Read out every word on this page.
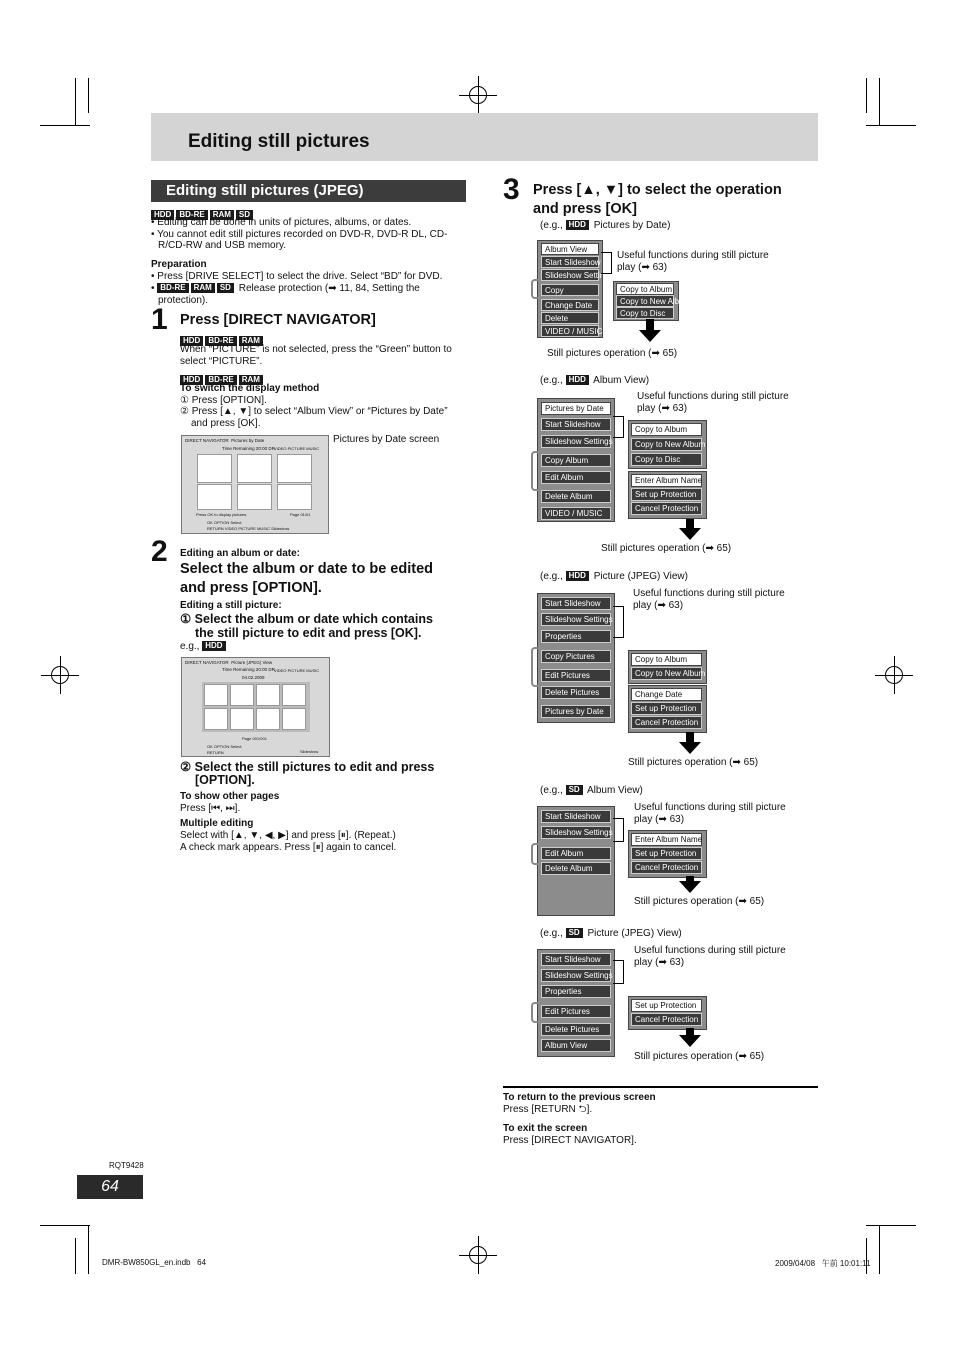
Editing still pictures
Editing still pictures (JPEG)
HDD BD-RE RAM SD
• Editing can be done in units of pictures, albums, or dates.
• You cannot edit still pictures recorded on DVD-R, DVD-R DL, CD-
R/CD-RW and USB memory.
Preparation
• Press [DRIVE SELECT] to select the drive. Select “BD” for DVD.
• BD-RE RAM SD Release protection (➡ 11, 84, Setting the
protection).
1 Press [DIRECT NAVIGATOR]
HDD BD-RE RAM
When “PICTURE” is not selected, press the “Green” button to
select “PICTURE”.
HDD BD-RE RAM
To switch the display method
① Press [OPTION].
② Press [▲, ▼] to select “Album View” or “Pictures by Date”
and press [OK].
DIRECT NAVIGATOR Pictures by Date
Time Remaining 20:00 DR VIDEO PICTURE MUSIC
Press OK to display pictures.	Page 01/01
OK OPTION Select
RETURN VIDEO PICTURE MUSIC Slideshow
Pictures by Date screen
2 Editing an album or date:
Select the album or date to be edited
and press [OPTION].
Editing a still picture:
① Select the album or date which contains
the still picture to edit and press [OK].
e.g., HDD
DIRECT NAVIGATOR Picture (JPEG) View
Time Remaining 20:00 DR VIDEO PICTURE MUSIC
04.02.2009
Page 001/001
OK OPTION Select
RETURN	Slideshow
② Select the still pictures to edit and press
[OPTION].
To show other pages
Press [⏮, ⏭].
Multiple editing
Select with [▲, ▼, ◀, ▶] and press [⏸]. (Repeat.)
A check mark appears. Press [⏸] again to cancel.
3 Press [▲, ▼] to select the operation
and press [OK]
(e.g., HDD Pictures by Date)
Album View
Start Slideshow
Slideshow Settings
Copy
Change Date
Delete
VIDEO / MUSIC
Useful functions during still picture
play (➡ 63)
Copy to Album
Copy to New Album
Copy to Disc
Still pictures operation (➡ 65)
(e.g., HDD Album View)
Pictures by Date
Start Slideshow
Slideshow Settings
Copy Album
Edit Album
Delete Album
VIDEO / MUSIC
Useful functions during still picture
play (➡ 63)
Copy to Album
Copy to New Album
Copy to Disc
Enter Album Name
Set up Protection
Cancel Protection
Still pictures operation (➡ 65)
(e.g., HDD Picture (JPEG) View)
Start Slideshow
Slideshow Settings
Properties
Copy Pictures
Edit Pictures
Delete Pictures
Pictures by Date
Useful functions during still picture
play (➡ 63)
Copy to Album
Copy to New Album
Change Date
Set up Protection
Cancel Protection
Still pictures operation (➡ 65)
(e.g., SD Album View)
Start Slideshow
Slideshow Settings
Edit Album
Delete Album
Useful functions during still picture
play (➡ 63)
Enter Album Name
Set up Protection
Cancel Protection
Still pictures operation (➡ 65)
(e.g., SD Picture (JPEG) View)
Start Slideshow
Slideshow Settings
Properties
Edit Pictures
Delete Pictures
Album View
Useful functions during still picture
play (➡ 63)
Set up Protection
Cancel Protection
Still pictures operation (➡ 65)
To return to the previous screen
Press [RETURN ⮌].
To exit the screen
Press [DIRECT NAVIGATOR].
RQT9428
64
DMR-BW850GL_en.indb   64	2009/04/08   午前 10:01:11
